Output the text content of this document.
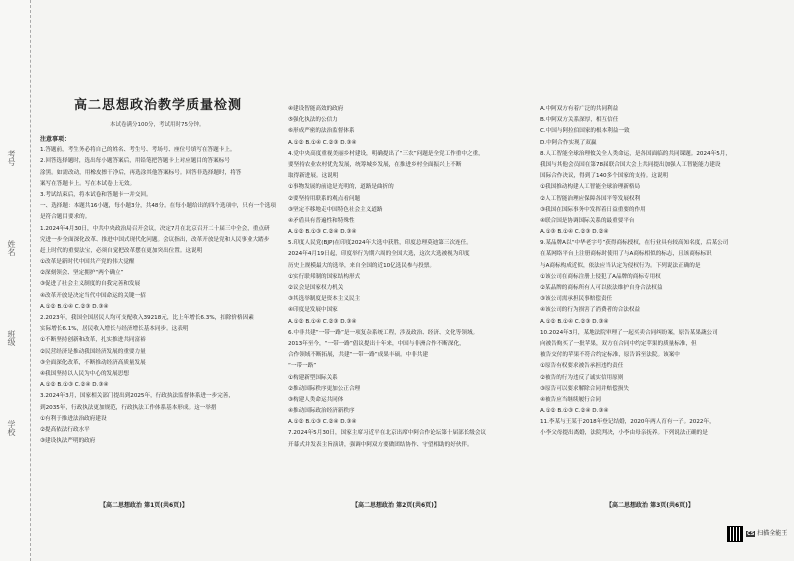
考号
姓名
班级
学校
高二思想政治教学质量检测
本试卷满分100分，考试用时75分钟。
注意事项：
1.答题前，考生务必将自己的姓名、考生号、考场号、座位号填写在答题卡上。
2.回答选择题时，选出每小题答案后，用铅笔把答题卡上对应题目的答案标号
涂黑。如需改动，用橡皮擦干净后，再选涂其他答案标号。回答非选择题时，将答
案写在答题卡上。写在本试卷上无效。
3.考试结束后，将本试卷和答题卡一并交回。
一、选择题：本题共16小题，每小题3分，共48分。在每小题给出的四个选项中，只有一个选项
是符合题目要求的。
1.2024年4月30日，中共中央政治局召开会议，决定7月在北京召开二十届三中全会，重点研
究进一步全面深化改革、推进中国式现代化问题。会议指出，改革开放是党和人民事业大踏步
赶上时代的重要法宝，必须自觉把改革摆在更加突出位置。这说明
①改革是新时代中国共产党的伟大觉醒
②深刻领会、坚定拥护“两个确立”
③促进了社会主义制度的自我完善和发展
④改革开放是决定当代中国命运的关键一招
A.①② B.①④ C.②③ D.③④
2.2023年，我国全国居民人均可支配收入39218元，比上年增长6.3%，扣除价格因素
实际增长6.1%，居民收入增长与经济增长基本同步。这表明
①不断坚持创新和改革，扎实推进共同富裕
②民营经济是推动我国经济发展的重要力量
③全面深化改革，不断推动经济高质量发展
④我国坚持以人民为中心的发展思想
A.①② B.①③ C.②④ D.③④
3.2024年3月，国家相关部门提出到2025年，行政执法监督体系进一步完善，
到2035年，行政执法更加规范，行政执法工作体系基本形成。这一举措
①有利于推进法治政府建设
②提高依法行政水平
③建设执法严明的政府
④建设智能高效的政府
⑤强化执法的公信力
⑥形成严密的法治监督体系
A.①② B.①④ C.②③ D.③④
4.党中央高度重视美丽乡村建设，明确提出了“三农”问题是全党工作重中之重，
要坚持农业农村优先发展，统筹城乡发展，在推进乡村全面振兴上不断
取得新进展。这说明
①事物发展的前途是光明的，道路是曲折的
②要坚持用联系的观点看问题
③坚定不移地走中国特色社会主义道路
④矛盾具有普遍性和特殊性
A.①② B.①③ C.②④ D.③④
5.印度人民党(BJP)在印度2024年大选中获胜，印度总理莫迪第三次连任。
2024年4月19日起，印度举行为期六周的全国大选，这次大选被视为印度
历史上规模最大的选举，来自全国的近10亿选民参与投票。
①实行联邦制的国家结构形式
②议会是国家权力机关
③其选举制度是资本主义民主
④印度是发展中国家
A.①② B.①④ C.②③ D.③④
6.中非共建“一带一路”是一项复杂系统工程，涉及政治、经济、文化等领域。
2013年至今，“一带一路”倡议提出十年来，中国与非洲合作不断深化，
合作领域不断拓展，共建“一带一路”成果丰硕。中非共建
“一带一路”
①构建新型国际关系
②推动国际秩序更加公正合理
③构建人类命运共同体
④推动国际政治经济新秩序
A.①② B.①③ C.②④ D.③④
7.2024年5月30日，国家主席习近平在北京出席中阿合作论坛第十届部长级会议
开幕式并发表主旨演讲，强调中阿双方要做团结协作、守望相助的好伙伴。
A.中阿双方有着广泛的共同利益
B.中阿双方关系深厚，相互信任
C.中国与阿拉伯国家的根本利益一致
D.中阿合作实现了双赢
8.人工智能全球治理攸关全人类命运，是各国面临的共同课题。2024年5月，
我国与其他会员国在第78届联合国大会上共同提出加强人工智能能力建设
国际合作决议，得到了140多个国家的支持。这说明
①我国推动构建人工智能全球治理新格局
②人工智能治理应保障各国平等发展权利
③我国在国际事务中发挥着日益重要的作用
④联合国是协调国际关系的最重要平台
A.①③ B.①④ C.②③ D.②④
9.某品牌A以“中华老字号”获得商标授权，在行业具有较高知名度，后某公司
在某网络平台上注册商标时使用了与A商标相似的标志，且该商标标识
与A商标构成近似，依法应当认定为侵权行为。下列说法正确的是
①该公司在商标注册上侵犯了A品牌的商标专用权
②某品牌的商标所有人可以依法维护自身合法权益
③该公司需承担民事赔偿责任
④该公司的行为损害了消费者的合法权益
A.①② B.①④ C.②③ D.③④
10.2024年3月，某地法院审理了一起买卖合同纠纷案，原告某果蔬公司
向被告购买了一批苹果，双方在合同中约定苹果的质量标准，但
被告交付的苹果不符合约定标准，原告诉至法院。该案中
①原告有权要求被告承担违约责任
②被告的行为违反了诚实信用原则
③原告可以要求解除合同并赔偿损失
④被告应当继续履行合同
A.①② B.①③ C.②④ D.③④
11.李某与王某于2018年登记结婚，2020年两人育有一子。2022年，
小李父母提出离婚，法院判决，小李由母亲抚养。下列说法正确的是
【高二思想政治 第1页(共6页)】	【高二思想政治 第2页(共6页)】	【高二思想政治 第3页(共6页)】
CS 扫描全能王
